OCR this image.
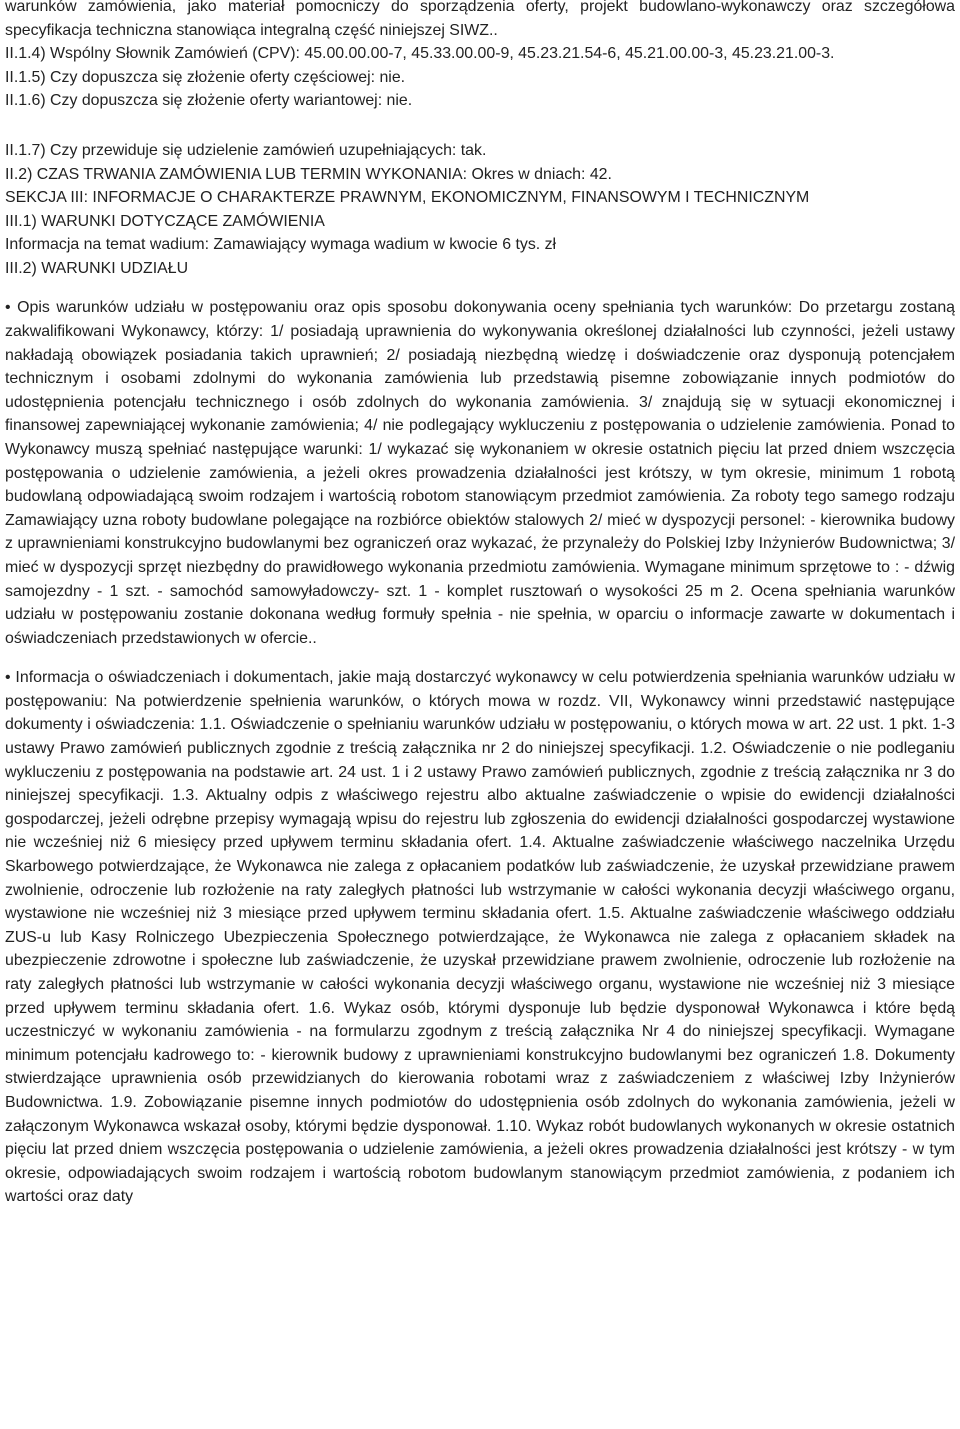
warunków zamówienia, jako materiał pomocniczy do sporządzenia oferty, projekt budowlano-wykonawczy oraz szczegółowa specyfikacja techniczna stanowiąca integralną część niniejszej SIWZ..

II.1.4) Wspólny Słownik Zamówień (CPV): 45.00.00.00-7, 45.33.00.00-9, 45.23.21.54-6, 45.21.00.00-3, 45.23.21.00-3.

II.1.5) Czy dopuszcza się złożenie oferty częściowej: nie.

II.1.6) Czy dopuszcza się złożenie oferty wariantowej: nie.

II.1.7) Czy przewiduje się udzielenie zamówień uzupełniających: tak.

II.2) CZAS TRWANIA ZAMÓWIENIA LUB TERMIN WYKONANIA: Okres w dniach: 42.

SEKCJA III: INFORMACJE O CHARAKTERZE PRAWNYM, EKONOMICZNYM, FINANSOWYM I TECHNICZNYM

III.1) WARUNKI DOTYCZĄCE ZAMÓWIENIA

Informacja na temat wadium: Zamawiający wymaga wadium w kwocie 6 tys. zł

III.2) WARUNKI UDZIAŁU

• Opis warunków udziału w postępowaniu oraz opis sposobu dokonywania oceny spełniania tych warunków: Do przetargu zostaną zakwalifikowani Wykonawcy, którzy: 1/ posiadają uprawnienia do wykonywania określonej działalności lub czynności, jeżeli ustawy nakładają obowiązek posiadania takich uprawnień; 2/ posiadają niezbędną wiedzę i doświadczenie oraz dysponują potencjałem technicznym i osobami zdolnymi do wykonania zamówienia lub przedstawią pisemne zobowiązanie innych podmiotów do udostępnienia potencjału technicznego i osób zdolnych do wykonania zamówienia. 3/ znajdują się w sytuacji ekonomicznej i finansowej zapewniającej wykonanie zamówienia; 4/ nie podlegający wykluczeniu z postępowania o udzielenie zamówienia. Ponad to Wykonawcy muszą spełniać następujące warunki: 1/ wykazać się wykonaniem w okresie ostatnich pięciu lat przed dniem wszczęcia postępowania o udzielenie zamówienia, a jeżeli okres prowadzenia działalności jest krótszy, w tym okresie, minimum 1 robotą budowlaną odpowiadającą swoim rodzajem i wartością robotom stanowiącym przedmiot zamówienia. Za roboty tego samego rodzaju Zamawiający uzna roboty budowlane polegające na rozbiórce obiektów stalowych 2/ mieć w dyspozycji personel: - kierownika budowy z uprawnieniami konstrukcyjno budowlanymi bez ograniczeń oraz wykazać, że przynależy do Polskiej Izby Inżynierów Budownictwa; 3/ mieć w dyspozycji sprzęt niezbędny do prawidłowego wykonania przedmiotu zamówienia. Wymagane minimum sprzętowe to : - dźwig samojezdny - 1 szt. - samochód samowyładowczy- szt. 1 - komplet rusztowań o wysokości 25 m 2. Ocena spełniania warunków udziału w postępowaniu zostanie dokonana według formuły spełnia - nie spełnia, w oparciu o informacje zawarte w dokumentach i oświadczeniach przedstawionych w ofercie..

• Informacja o oświadczeniach i dokumentach, jakie mają dostarczyć wykonawcy w celu potwierdzenia spełniania warunków udziału w postępowaniu: Na potwierdzenie spełnienia warunków, o których mowa w rozdz. VII, Wykonawcy winni przedstawić następujące dokumenty i oświadczenia: 1.1. Oświadczenie o spełnianiu warunków udziału w postępowaniu, o których mowa w art. 22 ust. 1 pkt. 1-3 ustawy Prawo zamówień publicznych zgodnie z treścią załącznika nr 2 do niniejszej specyfikacji. 1.2. Oświadczenie o nie podleganiu wykluczeniu z postępowania na podstawie art. 24 ust. 1 i 2 ustawy Prawo zamówień publicznych, zgodnie z treścią załącznika nr 3 do niniejszej specyfikacji. 1.3. Aktualny odpis z właściwego rejestru albo aktualne zaświadczenie o wpisie do ewidencji działalności gospodarczej, jeżeli odrębne przepisy wymagają wpisu do rejestru lub zgłoszenia do ewidencji działalności gospodarczej wystawione nie wcześniej niż 6 miesięcy przed upływem terminu składania ofert. 1.4. Aktualne zaświadczenie właściwego naczelnika Urzędu Skarbowego potwierdzające, że Wykonawca nie zalega z opłacaniem podatków lub zaświadczenie, że uzyskał przewidziane prawem zwolnienie, odroczenie lub rozłożenie na raty zaległych płatności lub wstrzymanie w całości wykonania decyzji właściwego organu, wystawione nie wcześniej niż 3 miesiące przed upływem terminu składania ofert. 1.5. Aktualne zaświadczenie właściwego oddziału ZUS-u lub Kasy Rolniczego Ubezpieczenia Społecznego potwierdzające, że Wykonawca nie zalega z opłacaniem składek na ubezpieczenie zdrowotne i społeczne lub zaświadczenie, że uzyskał przewidziane prawem zwolnienie, odroczenie lub rozłożenie na raty zaległych płatności lub wstrzymanie w całości wykonania decyzji właściwego organu, wystawione nie wcześniej niż 3 miesiące przed upływem terminu składania ofert. 1.6. Wykaz osób, którymi dysponuje lub będzie dysponował Wykonawca i które będą uczestniczyć w wykonaniu zamówienia - na formularzu zgodnym z treścią załącznika Nr 4 do niniejszej specyfikacji. Wymagane minimum potencjału kadrowego to: - kierownik budowy z uprawnieniami konstrukcyjno budowlanymi bez ograniczeń 1.8. Dokumenty stwierdzające uprawnienia osób przewidzianych do kierowania robotami wraz z zaświadczeniem z właściwej Izby Inżynierów Budownictwa. 1.9. Zobowiązanie pisemne innych podmiotów do udostępnienia osób zdolnych do wykonania zamówienia, jeżeli w załączonym Wykonawca wskazał osoby, którymi będzie dysponował. 1.10. Wykaz robót budowlanych wykonanych w okresie ostatnich pięciu lat przed dniem wszczęcia postępowania o udzielenie zamówienia, a jeżeli okres prowadzenia działalności jest krótszy - w tym okresie, odpowiadających swoim rodzajem i wartością robotom budowlanym stanowiącym przedmiot zamówienia, z podaniem ich wartości oraz daty
